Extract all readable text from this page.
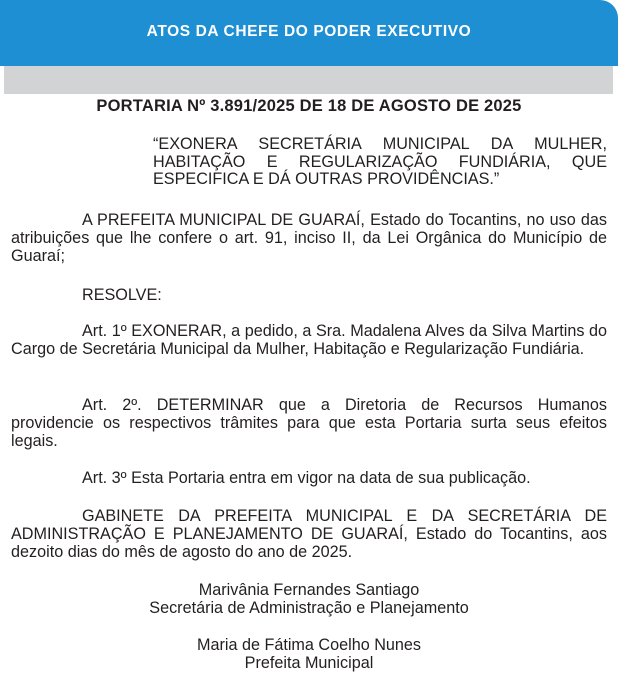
ATOS DA CHEFE DO PODER EXECUTIVO
PORTARIA Nº 3.891/2025 DE 18 DE AGOSTO DE 2025
“EXONERA SECRETÁRIA MUNICIPAL DA MULHER, HABITAÇÃO E REGULARIZAÇÃO FUNDIÁRIA, QUE ESPECIFICA E DÁ OUTRAS PROVIDÊNCIAS.”

A PREFEITA MUNICIPAL DE GUARAÍ, Estado do Tocantins, no uso das atribuições que lhe confere o art. 91, inciso II, da Lei Orgânica do Município de Guaraí;

RESOLVE:

Art. 1º EXONERAR, a pedido, a Sra. Madalena Alves da Silva Martins do Cargo de Secretária Municipal da Mulher, Habitação e Regularização Fundiária.

Art. 2º. DETERMINAR que a Diretoria de Recursos Humanos providencie os respectivos trâmites para que esta Portaria surta seus efeitos legais.

Art. 3º Esta Portaria entra em vigor na data de sua publicação.

GABINETE DA PREFEITA MUNICIPAL E DA SECRETÁRIA DE ADMINISTRAÇÃO E PLANEJAMENTO DE GUARAÍ, Estado do Tocantins, aos dezoito dias do mês de agosto do ano de 2025.

Marivânia Fernandes Santiago
Secretária de Administração e Planejamento
Maria de Fátima Coelho Nunes
Prefeita Municipal
